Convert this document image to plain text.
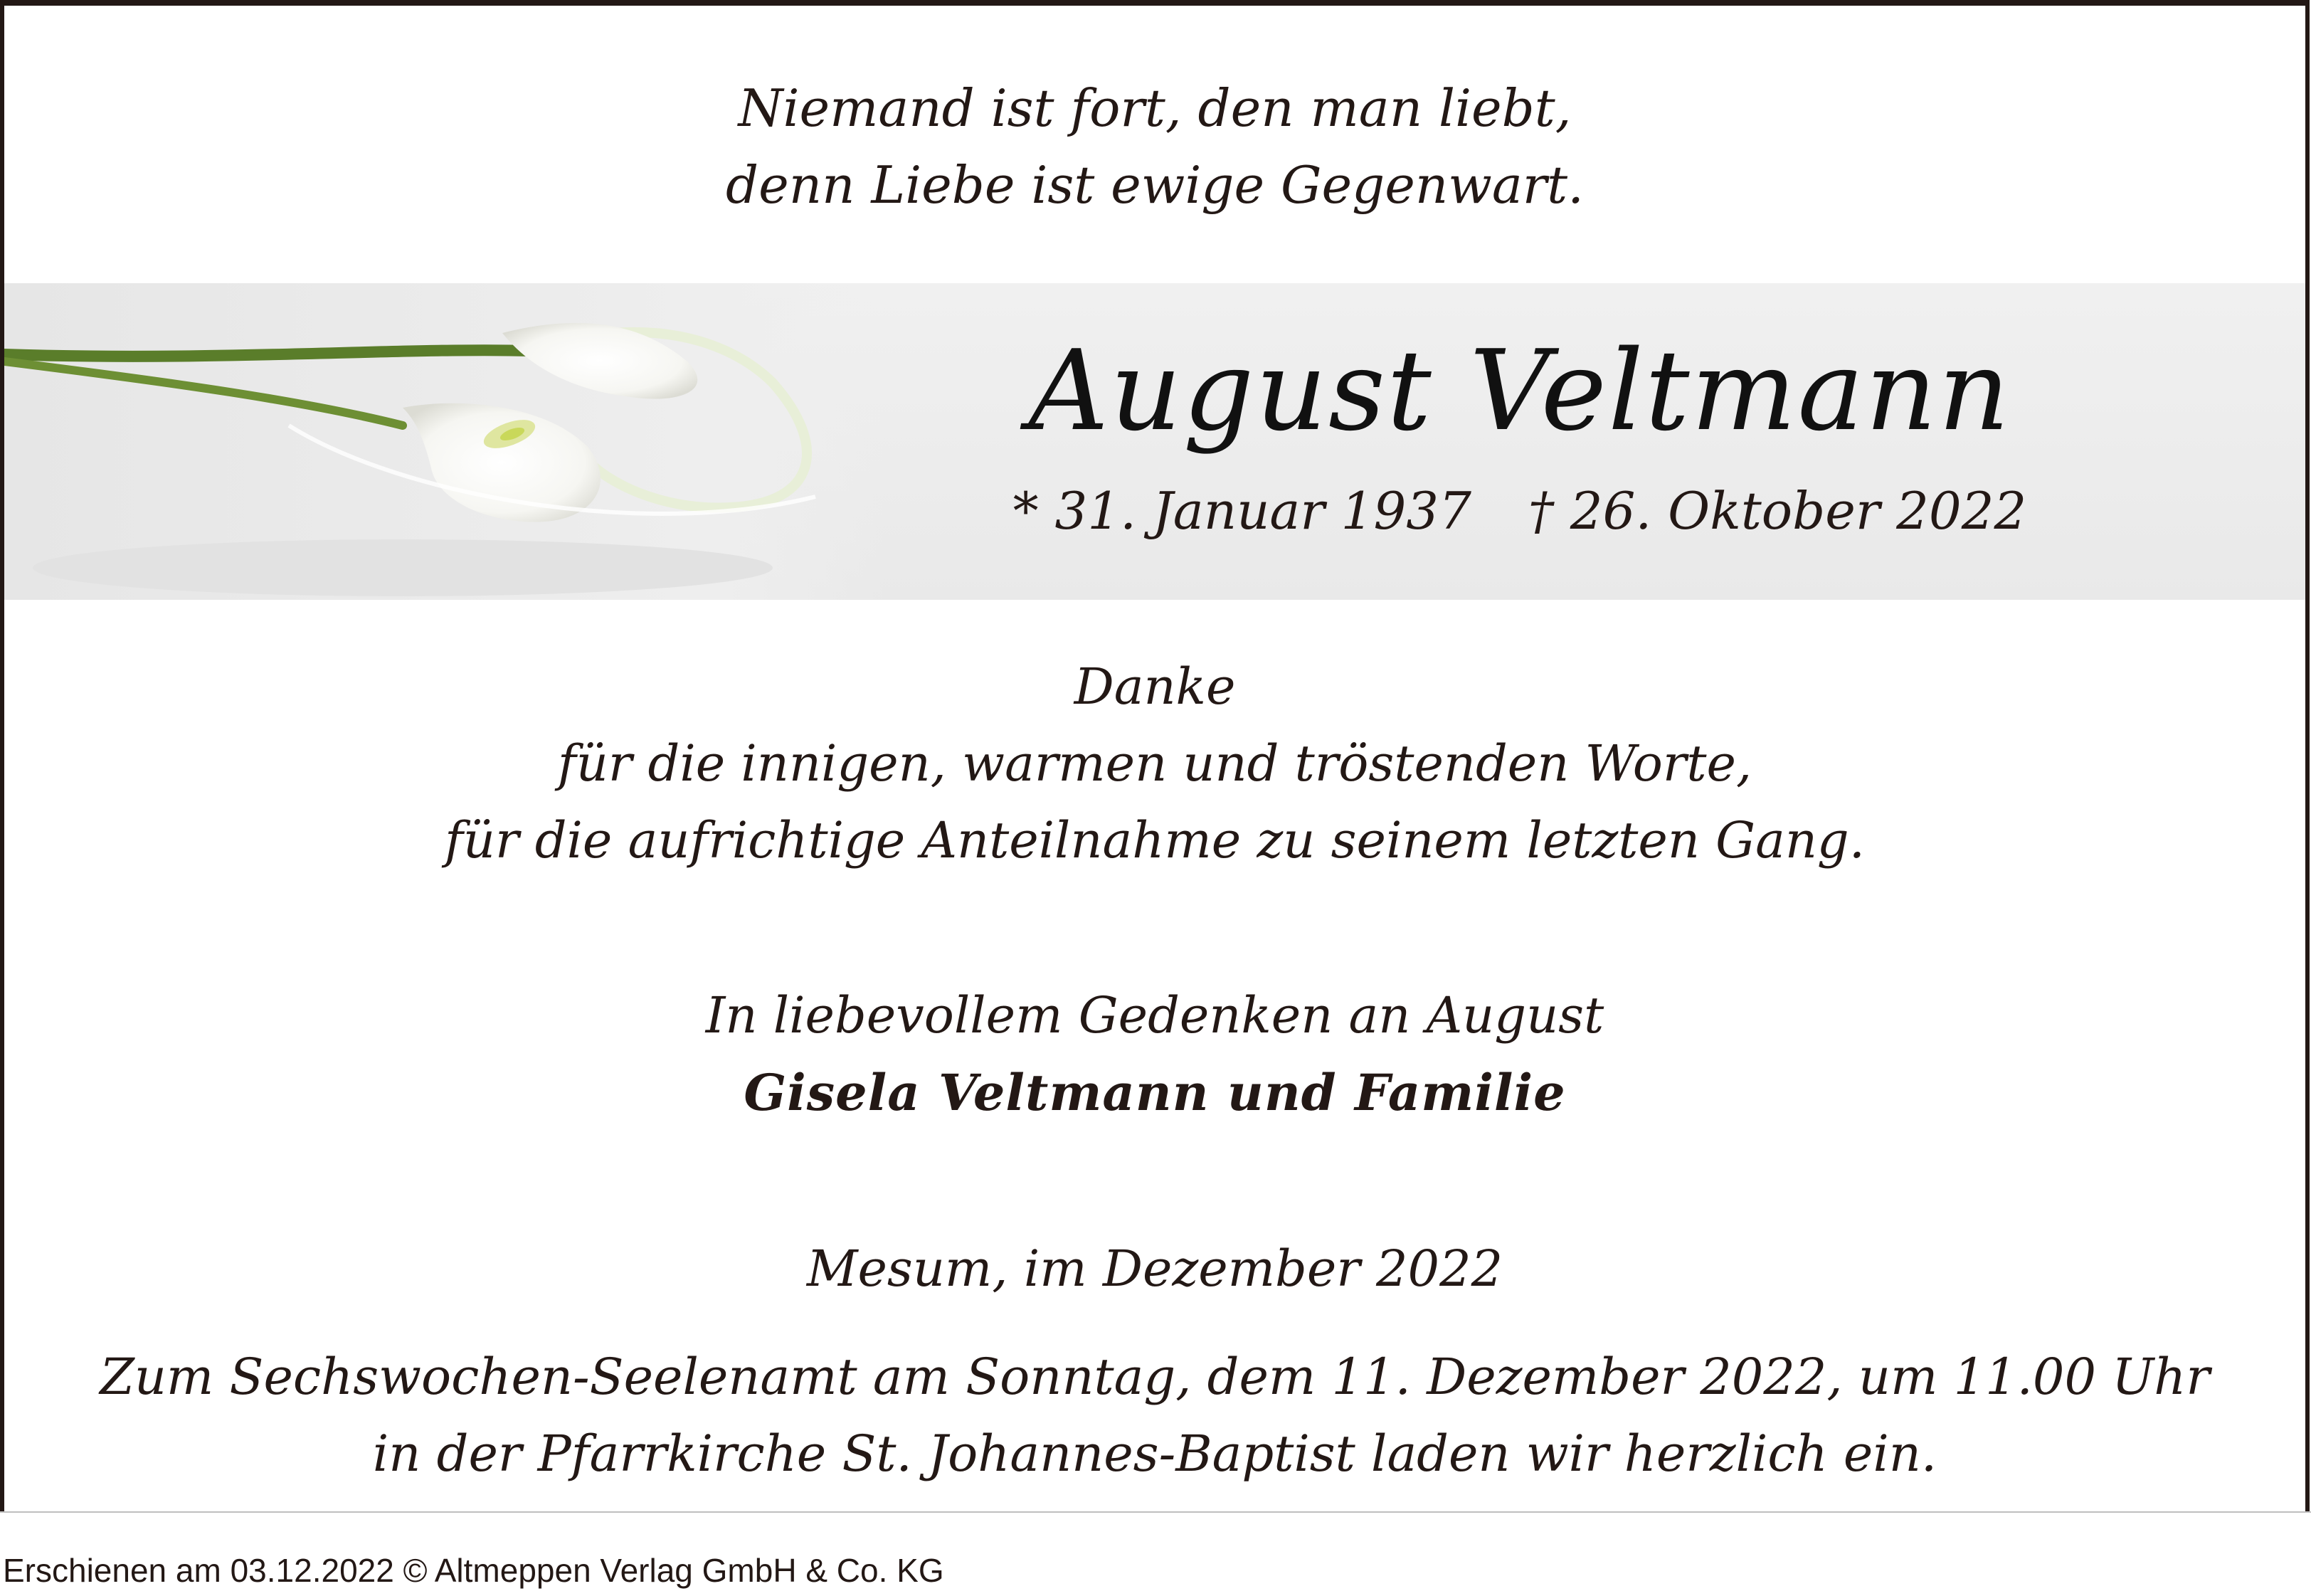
Niemand ist fort, den man liebt,

denn Liebe ist ewige Gegenwart.

August Veltmann

* 31. Januar 1937 † 26. Oktober 2022

Danke

für die innigen, warmen und tröstenden Worte,

für die aufrichtige Anteilnahme zu seinem letzten Gang.

In liebevollem Gedenken an August

Gisela Veltmann und Familie

Mesum, im Dezember 2022

Zum Sechswochen-Seelenamt am Sonntag, dem 11. Dezember 2022, um 11.00 Uhr

in der Pfarrkirche St. Johannes-Baptist laden wir herzlich ein.

Erschienen am 03.12.2022 © Altmeppen Verlag GmbH & Co. KG
